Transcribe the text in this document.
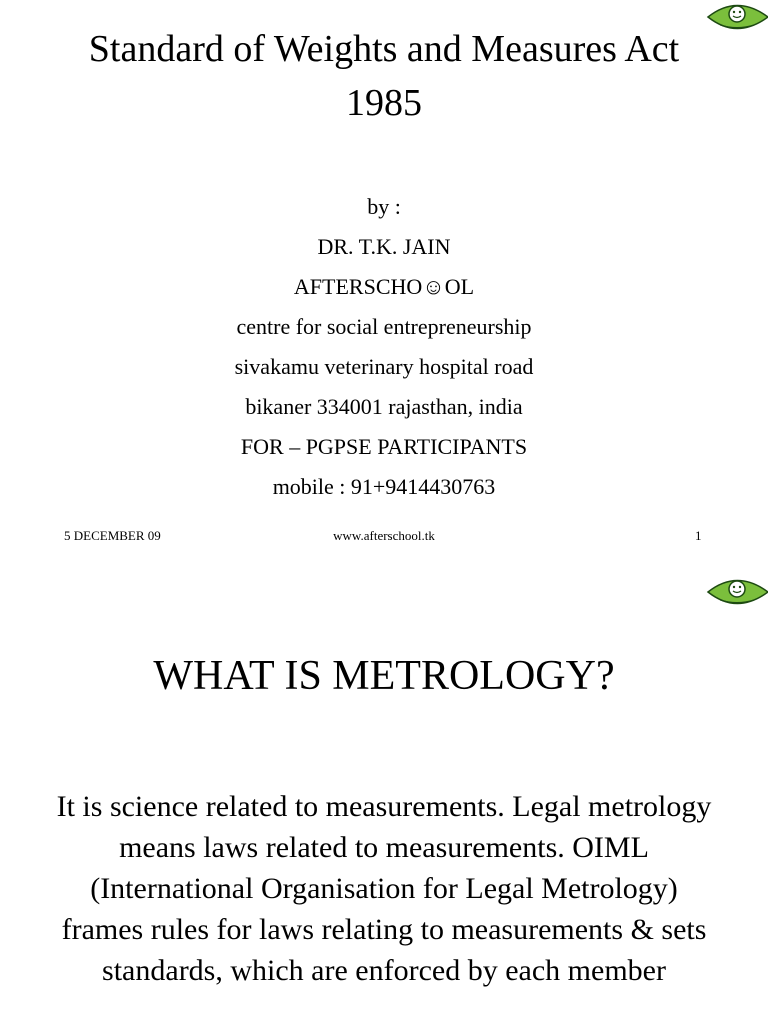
Standard of Weights and Measures Act
1985
by :
DR. T.K. JAIN
AFTERSCHO☺OL
centre for social entrepreneurship
sivakamu veterinary hospital road
bikaner 334001 rajasthan, india
FOR – PGPSE PARTICIPANTS
mobile : 91+9414430763
5 DECEMBER 09	www.afterschool.tk	1
WHAT IS METROLOGY?
It is science related to measurements. Legal metrology means laws related to measurements. OIML (International Organisation for Legal Metrology) frames rules for laws relating to measurements & sets standards, which are enforced by each member
